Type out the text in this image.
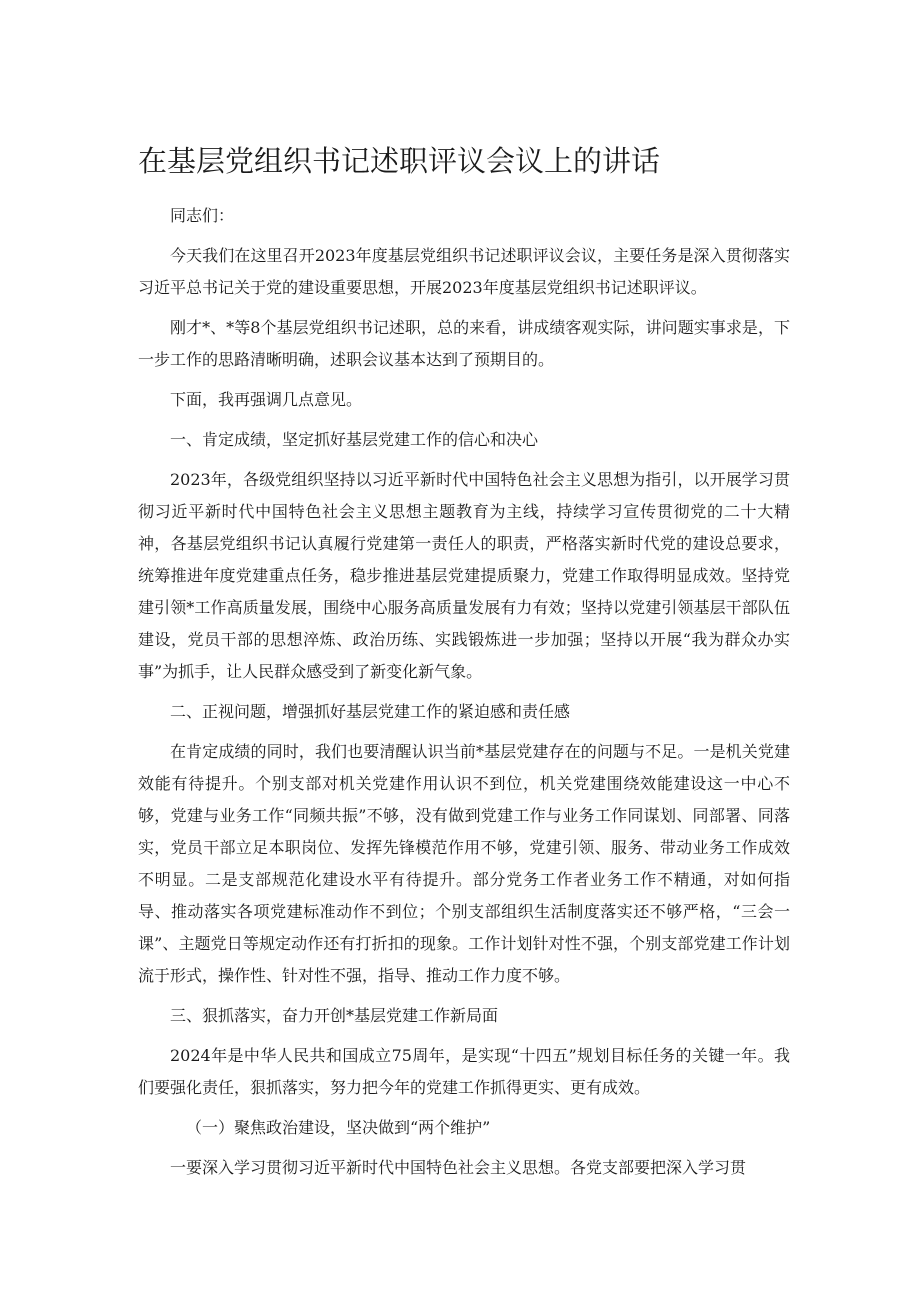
在基层党组织书记述职评议会议上的讲话

同志们：

今天我们在这里召开2023年度基层党组织书记述职评议会议，主要任务是深入贯彻落实习近平总书记关于党的建设重要思想，开展2023年度基层党组织书记述职评议。

刚才*、*等8个基层党组织书记述职，总的来看，讲成绩客观实际，讲问题实事求是，下一步工作的思路清晰明确，述职会议基本达到了预期目的。

下面，我再强调几点意见。

一、肯定成绩，坚定抓好基层党建工作的信心和决心

2023年，各级党组织坚持以习近平新时代中国特色社会主义思想为指引，以开展学习贯彻习近平新时代中国特色社会主义思想主题教育为主线，持续学习宣传贯彻党的二十大精神，各基层党组织书记认真履行党建第一责任人的职责，严格落实新时代党的建设总要求，统筹推进年度党建重点任务，稳步推进基层党建提质聚力，党建工作取得明显成效。坚持党建引领*工作高质量发展，围绕中心服务高质量发展有力有效；坚持以党建引领基层干部队伍建设，党员干部的思想淬炼、政治历练、实践锻炼进一步加强；坚持以开展“我为群众办实事”为抓手，让人民群众感受到了新变化新气象。

二、正视问题，增强抓好基层党建工作的紧迫感和责任感

在肯定成绩的同时，我们也要清醒认识当前*基层党建存在的问题与不足。一是机关党建效能有待提升。个别支部对机关党建作用认识不到位，机关党建围绕效能建设这一中心不够，党建与业务工作“同频共振”不够，没有做到党建工作与业务工作同谋划、同部署、同落实，党员干部立足本职岗位、发挥先锋模范作用不够，党建引领、服务、带动业务工作成效不明显。二是支部规范化建设水平有待提升。部分党务工作者业务工作不精通，对如何指导、推动落实各项党建标准动作不到位；个别支部组织生活制度落实还不够严格，“三会一课”、主题党日等规定动作还有打折扣的现象。工作计划针对性不强，个别支部党建工作计划流于形式，操作性、针对性不强，指导、推动工作力度不够。

三、狠抓落实，奋力开创*基层党建工作新局面

2024年是中华人民共和国成立75周年，是实现“十四五”规划目标任务的关键一年。我们要强化责任，狠抓落实，努力把今年的党建工作抓得更实、更有成效。

（一）聚焦政治建设，坚决做到“两个维护”

一要深入学习贯彻习近平新时代中国特色社会主义思想。各党支部要把深入学习贯
